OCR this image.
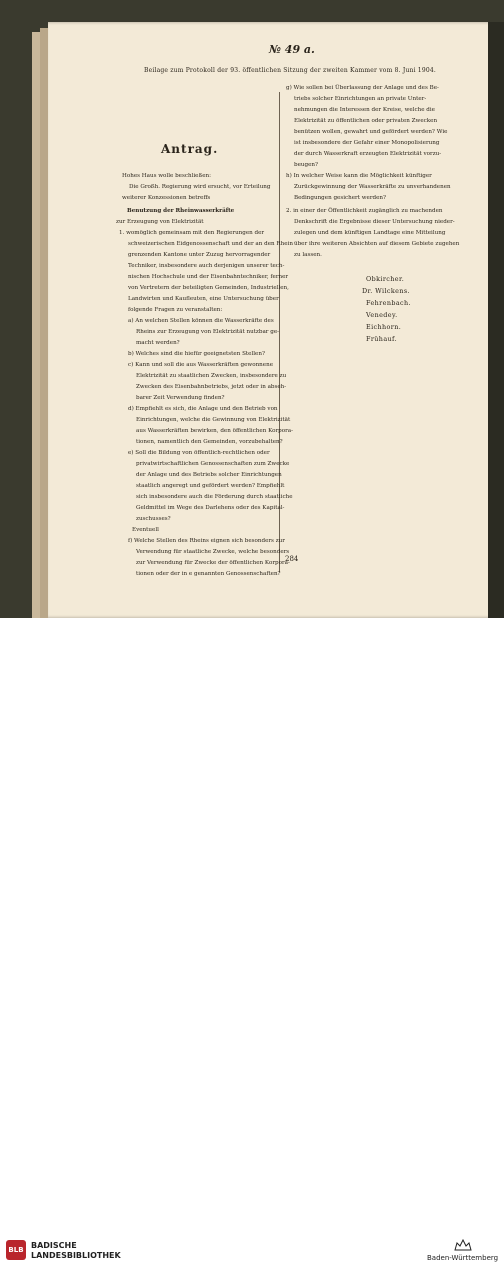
№ 49 a.
Beilage zum Protokoll der 93. öffentlichen Sitzung der zweiten Kammer vom 8. Juni 1904.
Antrag.
Hohes Haus wolle beschließen:
Die Großh. Regierung wird ersucht, vor Erteilung
weiterer Konzessionen betreffs
Benutzung der Rheinwasserkräfte
zur Erzeugung von Elektrizität
1. womöglich gemeinsam mit den Regierungen der
schweizerischen Eidgenossenschaft und der an den Rhein
grenzenden Kantone unter Zuzug hervorragender
Techniker, insbesondere auch derjenigen unserer tech-
nischen Hochschule und der Eisenbahntechniker, ferner
von Vertretern der beteiligten Gemeinden, Industriellen,
Landwirten und Kaufleuten, eine Untersuchung über
folgende Fragen zu veranstalten:
a) An welchen Stellen können die Wasserkräfte des
Rheins zur Erzeugung von Elektrizität nutzbar ge-
macht werden?
b) Welches sind die hiefür geeignetsten Stellen?
c) Kann und soll die aus Wasserkräften gewonnene
Elektrizität zu staatlichen Zwecken, insbesondere zu
Zwecken des Eisenbahnbetriebs, jetzt oder in abseh-
barer Zeit Verwendung finden?
d) Empfiehlt es sich, die Anlage und den Betrieb von
Einrichtungen, welche die Gewinnung von Elektrizität
aus Wasserkräften bewirken, den öffentlichen Korpora-
tionen, namentlich den Gemeinden, vorzubehalten?
e) Soll die Bildung von öffentlich-rechtlichen oder
privatwirtschaftlichen Genossenschaften zum Zwecke
der Anlage und des Betriebs solcher Einrichtungen
staatlich angeregt und gefördert werden? Empfiehlt
sich insbesondere auch die Förderung durch staatliche
Geldmittel im Wege des Darlehens oder des Kapital-
zuschusses?
Eventuell
f) Welche Stellen des Rheins eignen sich besonders zur
Verwendung für staatliche Zwecke, welche besonders
zur Verwendung für Zwecke der öffentlichen Korpora-
tionen oder der in e genannten Genossenschaften?
g) Wie sollen bei Überlassung der Anlage und des Be-
triebs solcher Einrichtungen an private Unter-
nehmungen die Interessen der Kreise, welche die
Elektrizität zu öffentlichen oder privaten Zwecken
benützen wollen, gewahrt und gefördert werden? Wie
ist insbesondere der Gefahr einer Monopolisierung
der durch Wasserkraft erzeugten Elektrizität vorzu-
beugen?
h) In welcher Weise kann die Möglichkeit künftiger
Zurückgewinnung der Wasserkräfte zu unverhandenen
Bedingungen gesichert werden?
2. in einer der Öffentlichkeit zugänglich zu machenden
Denkschrift die Ergebnisse dieser Untersuchung nieder-
zulegen und dem künftigen Landtage eine Mitteilung
über ihre weiteren Absichten auf diesem Gebiete zugehen
zu lassen.
Obkircher.
Dr. Wilckens.
Fehrenbach.
Venedey.
Eichhorn.
Frühauf.
284
BLB BADISCHE
LANDESBIBLIOTHEK	Baden-Württemberg
